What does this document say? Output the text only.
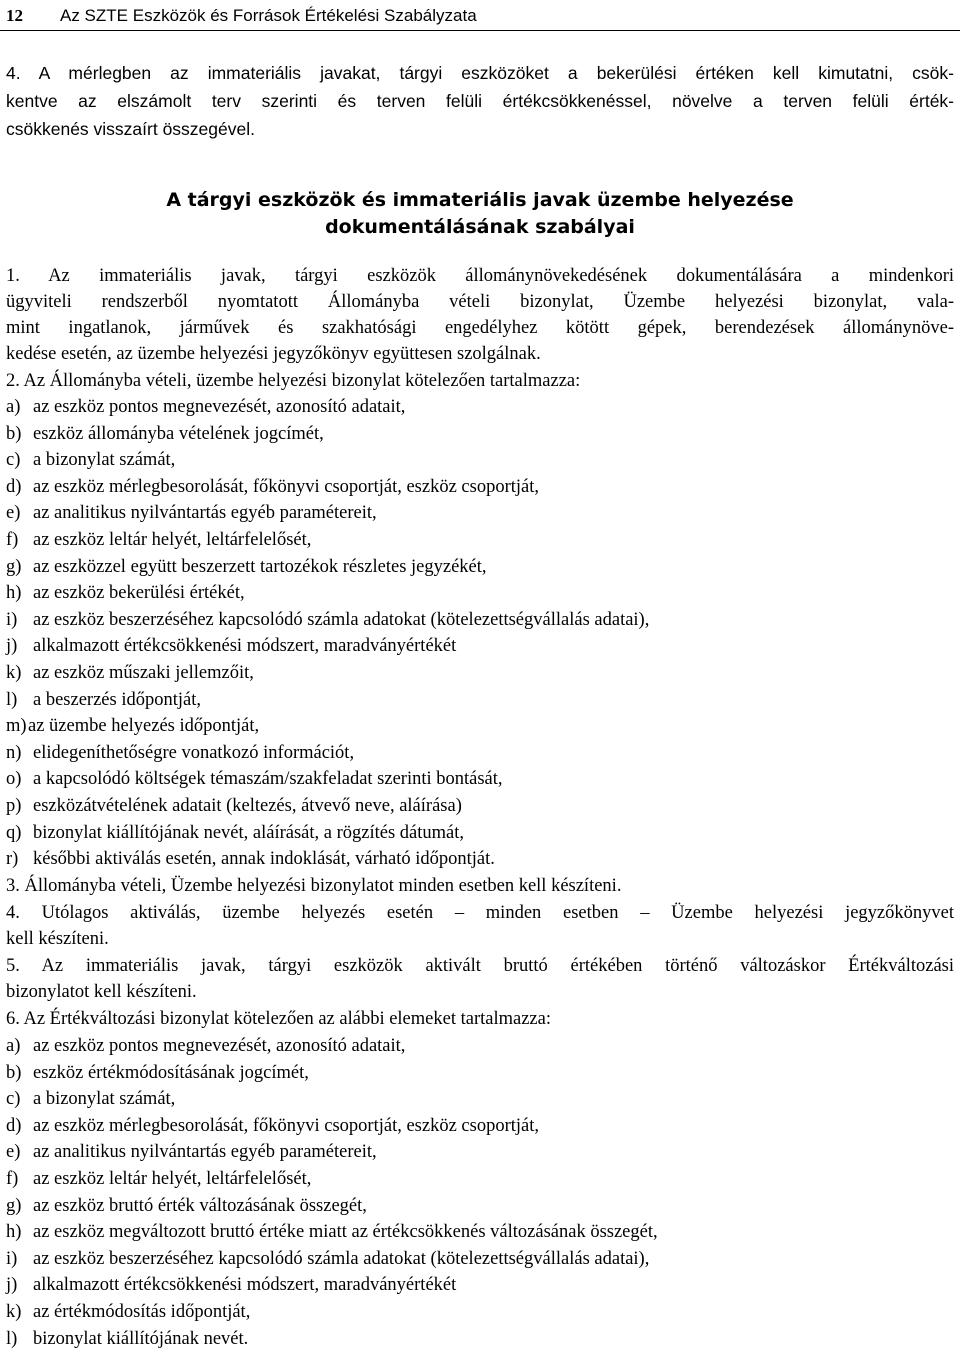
12 Az SZTE Eszközök és Források Értékelési Szabályzata
4. A mérlegben az immateriális javakat, tárgyi eszközöket a bekerülési értéken kell kimutatni, csök-
kentve az elszámolt terv szerinti és terven felüli értékcsökkenéssel, növelve a terven felüli érték-
csökkenés visszaírt összegével.
A tárgyi eszközök és immateriális javak üzembe helyezése
dokumentálásának szabályai
1. Az immateriális javak, tárgyi eszközök állománynövekedésének dokumentálására a mindenkori
ügyviteli rendszerből nyomtatott Állományba vételi bizonylat, Üzembe helyezési bizonylat, vala-
mint ingatlanok, járművek és szakhatósági engedélyhez kötött gépek, berendezések állománynöve-
kedése esetén, az üzembe helyezési jegyzőkönyv együttesen szolgálnak.
2. Az Állományba vételi, üzembe helyezési bizonylat kötelezően tartalmazza:
a) az eszköz pontos megnevezését, azonosító adatait,
b) eszköz állományba vételének jogcímét,
c) a bizonylat számát,
d) az eszköz mérlegbesorolását, főkönyvi csoportját, eszköz csoportját,
e) az analitikus nyilvántartás egyéb paramétereit,
f) az eszköz leltár helyét, leltárfelelősét,
g) az eszközzel együtt beszerzett tartozékok részletes jegyzékét,
h) az eszköz bekerülési értékét,
i) az eszköz beszerzéséhez kapcsolódó számla adatokat (kötelezettségvállalás adatai),
j) alkalmazott értékcsökkenési módszert, maradványértékét
k) az eszköz műszaki jellemzőit,
l) a beszerzés időpontját,
m)az üzembe helyezés időpontját,
n) elidegeníthetőségre vonatkozó információt,
o) a kapcsolódó költségek témaszám/szakfeladat szerinti bontását,
p) eszközátvételének adatait (keltezés, átvevő neve, aláírása)
q) bizonylat kiállítójának nevét, aláírását, a rögzítés dátumát,
r) későbbi aktiválás esetén, annak indoklását, várható időpontját.
3. Állományba vételi, Üzembe helyezési bizonylatot minden esetben kell készíteni.
4. Utólagos aktiválás, üzembe helyezés esetén – minden esetben – Üzembe helyezési jegyzőkönyvet
kell készíteni.
5. Az immateriális javak, tárgyi eszközök aktivált bruttó értékében történő változáskor Értékváltozási
bizonylatot kell készíteni.
6. Az Értékváltozási bizonylat kötelezően az alábbi elemeket tartalmazza:
a) az eszköz pontos megnevezését, azonosító adatait,
b) eszköz értékmódosításának jogcímét,
c) a bizonylat számát,
d) az eszköz mérlegbesorolását, főkönyvi csoportját, eszköz csoportját,
e) az analitikus nyilvántartás egyéb paramétereit,
f) az eszköz leltár helyét, leltárfelelősét,
g) az eszköz bruttó érték változásának összegét,
h) az eszköz megváltozott bruttó értéke miatt az értékcsökkenés változásának összegét,
i) az eszköz beszerzéséhez kapcsolódó számla adatokat (kötelezettségvállalás adatai),
j) alkalmazott értékcsökkenési módszert, maradványértékét
k) az értékmódosítás időpontját,
l) bizonylat kiállítójának nevét.
